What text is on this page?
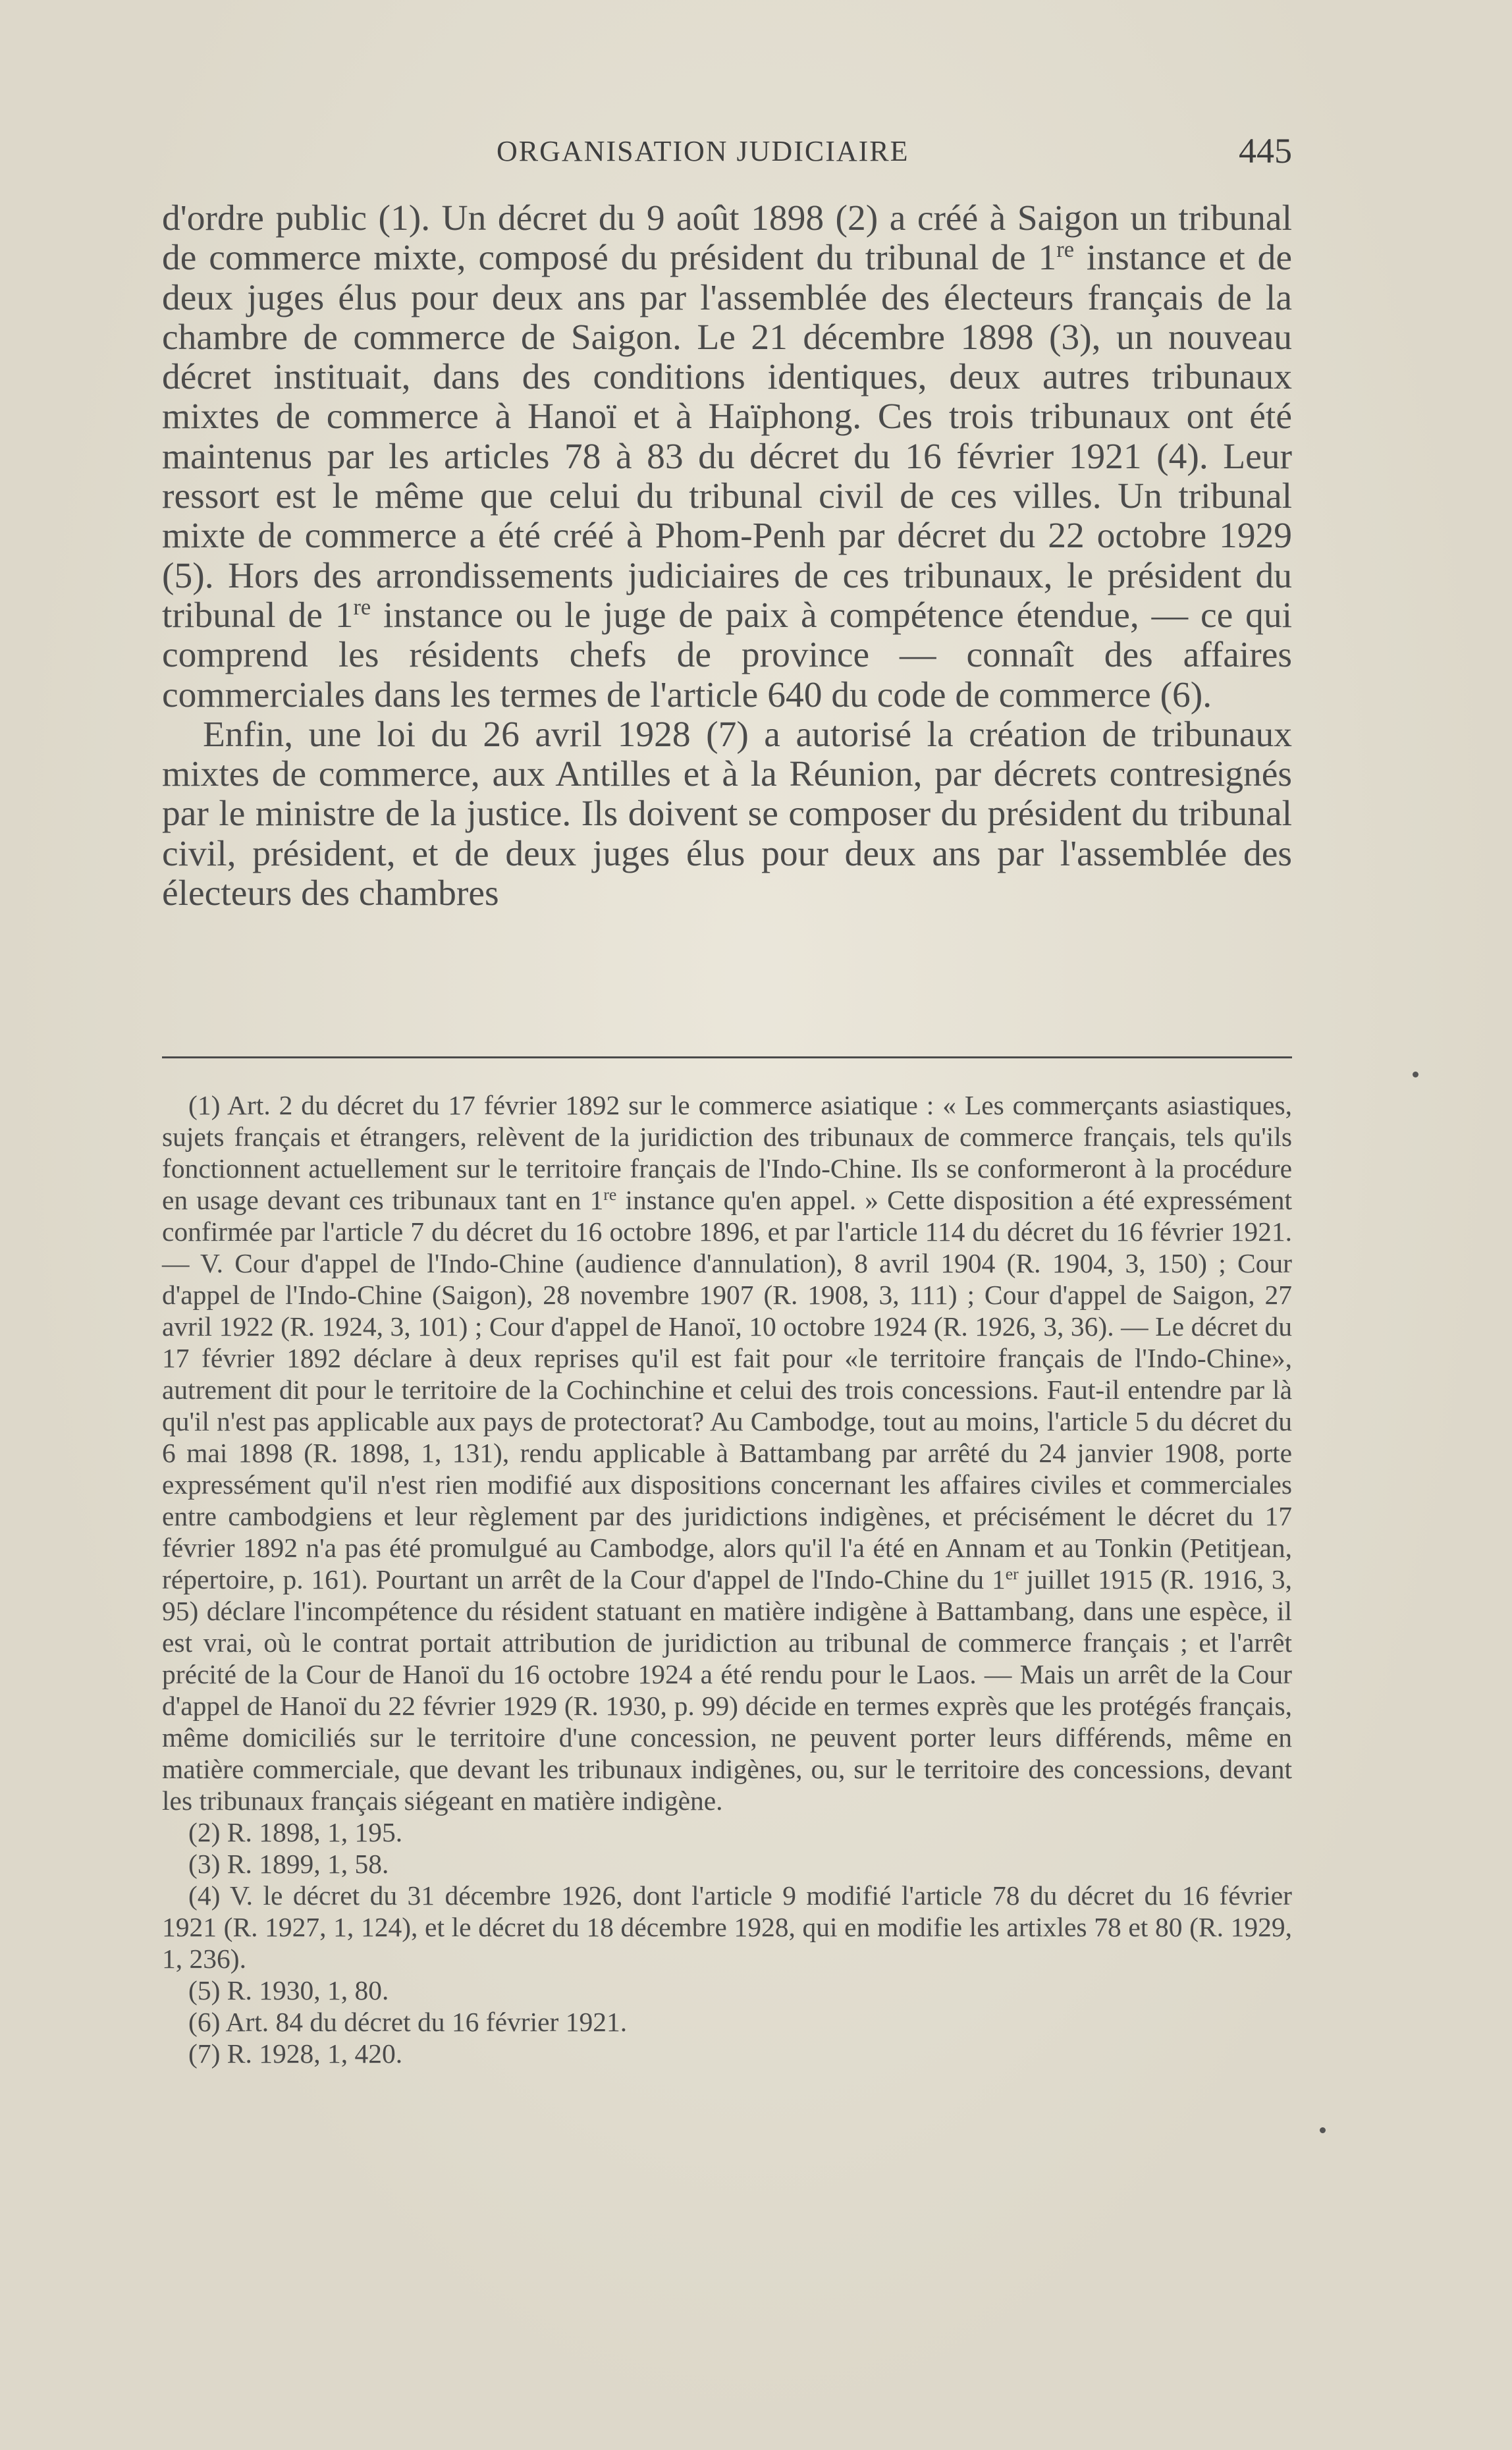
ORGANISATION JUDICIAIRE	445

d'ordre public (1). Un décret du 9 août 1898 (2) a créé à Saigon un tribunal de commerce mixte, composé du président du tribunal de 1re instance et de deux juges élus pour deux ans par l'assemblée des électeurs français de la chambre de commerce de Saigon. Le 21 décembre 1898 (3), un nouveau décret instituait, dans des conditions identiques, deux autres tribunaux mixtes de commerce à Hanoï et à Haïphong. Ces trois tribunaux ont été maintenus par les articles 78 à 83 du décret du 16 février 1921 (4). Leur ressort est le même que celui du tribunal civil de ces villes. Un tribunal mixte de commerce a été créé à Phom-Penh par décret du 22 octobre 1929 (5). Hors des arrondissements judiciaires de ces tribunaux, le président du tribunal de 1re instance ou le juge de paix à compétence étendue, — ce qui comprend les résidents chefs de province — connaît des affaires commerciales dans les termes de l'article 640 du code de commerce (6).

Enfin, une loi du 26 avril 1928 (7) a autorisé la création de tribunaux mixtes de commerce, aux Antilles et à la Réunion, par décrets contresignés par le ministre de la justice. Ils doivent se composer du président du tribunal civil, président, et de deux juges élus pour deux ans par l'assemblée des électeurs des chambres

(1) Art. 2 du décret du 17 février 1892 sur le commerce asiatique : « Les commerçants asiastiques, sujets français et étrangers, relèvent de la juridiction des tribunaux de commerce français, tels qu'ils fonctionnent actuellement sur le territoire français de l'Indo-Chine. Ils se conformeront à la procédure en usage devant ces tribunaux tant en 1re instance qu'en appel. » Cette disposition a été expressément confirmée par l'article 7 du décret du 16 octobre 1896, et par l'article 114 du décret du 16 février 1921. — V. Cour d'appel de l'Indo-Chine (audience d'annulation), 8 avril 1904 (R. 1904, 3, 150) ; Cour d'appel de l'Indo-Chine (Saigon), 28 novembre 1907 (R. 1908, 3, 111) ; Cour d'appel de Saigon, 27 avril 1922 (R. 1924, 3, 101) ; Cour d'appel de Hanoï, 10 octobre 1924 (R. 1926, 3, 36). — Le décret du 17 février 1892 déclare à deux reprises qu'il est fait pour «le territoire français de l'Indo-Chine», autrement dit pour le territoire de la Cochinchine et celui des trois concessions. Faut-il entendre par là qu'il n'est pas applicable aux pays de protectorat? Au Cambodge, tout au moins, l'article 5 du décret du 6 mai 1898 (R. 1898, 1, 131), rendu applicable à Battambang par arrêté du 24 janvier 1908, porte expressément qu'il n'est rien modifié aux dispositions concernant les affaires civiles et commerciales entre cambodgiens et leur règlement par des juridictions indigènes, et précisément le décret du 17 février 1892 n'a pas été promulgué au Cambodge, alors qu'il l'a été en Annam et au Tonkin (Petitjean, répertoire, p. 161). Pourtant un arrêt de la Cour d'appel de l'Indo-Chine du 1er juillet 1915 (R. 1916, 3, 95) déclare l'incompétence du résident statuant en matière indigène à Battambang, dans une espèce, il est vrai, où le contrat portait attribution de juridiction au tribunal de commerce français ; et l'arrêt précité de la Cour de Hanoï du 16 octobre 1924 a été rendu pour le Laos. — Mais un arrêt de la Cour d'appel de Hanoï du 22 février 1929 (R. 1930, p. 99) décide en termes exprès que les protégés français, même domiciliés sur le territoire d'une concession, ne peuvent porter leurs différends, même en matière commerciale, que devant les tribunaux indigènes, ou, sur le territoire des concessions, devant les tribunaux français siégeant en matière indigène.

(2) R. 1898, 1, 195.

(3) R. 1899, 1, 58.

(4) V. le décret du 31 décembre 1926, dont l'article 9 modifié l'article 78 du décret du 16 février 1921 (R. 1927, 1, 124), et le décret du 18 décembre 1928, qui en modifie les artixles 78 et 80 (R. 1929, 1, 236).

(5) R. 1930, 1, 80.

(6) Art. 84 du décret du 16 février 1921.

(7) R. 1928, 1, 420.
